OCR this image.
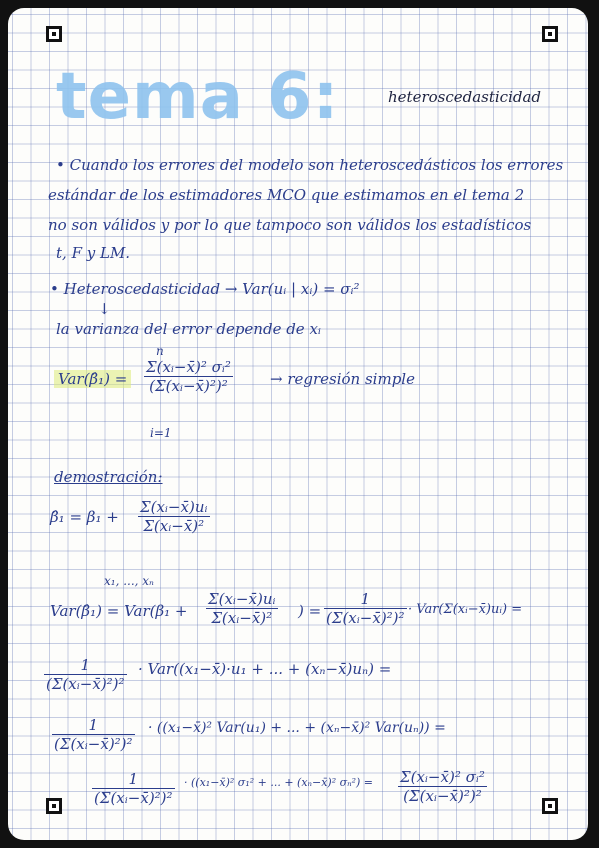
tema 6:	heteroscedasticidad
• Cuando los errores del modelo son heteroscedásticos los errores
estándar de los estimadores MCO que estimamos en el tema 2
no son válidos y por lo que tampoco son válidos los estadísticos
t, F y LM.
• Heteroscedasticidad → Var(uᵢ | xᵢ) = σᵢ²
↓
la varianza del error depende de xᵢ
Var(β̂₁) =
n
$\frac{\text{Σ(xᵢ−x̄)² σᵢ²}}{\text{(Σ(xᵢ−x̄)²)²}}$
i=1
→ regresión simple
demostración:
β̂₁ = $\beta_1 + \frac{\text{Σ(xᵢ−x̄)uᵢ}}{\text{Σ(xᵢ−x̄)²}}$
x₁, ..., xₙ
Var(β̂₁) = $Var(\beta_1 + \frac{\text{Σ(xᵢ−x̄)uᵢ}}{\text{Σ(xᵢ−x̄)²}}$ ) = $\frac{1}{\text{(Σ(xᵢ−x̄)²)²}}$ · Var(Σ(xᵢ−x̄)uᵢ) =
$\frac{1}{\text{(Σ(xᵢ−x̄)²)²}}$ · Var((x₁−x̄)·u₁ + ... + (xₙ−x̄)uₙ) =
$\frac{1}{\text{(Σ(xᵢ−x̄)²)²}}$ · ((x₁−x̄)² Var(u₁) + ... + (xₙ−x̄)² Var(uₙ)) =
$\frac{1}{\text{(Σ(xᵢ−x̄)²)²}}$ · ((x₁−x̄)² σ₁² + ... + (xₙ−x̄)² $\sigma_n^2) = \frac{\text{Σ(xᵢ−x̄)² σᵢ²}}{\text{(Σ(xᵢ−x̄)²)²}}$
